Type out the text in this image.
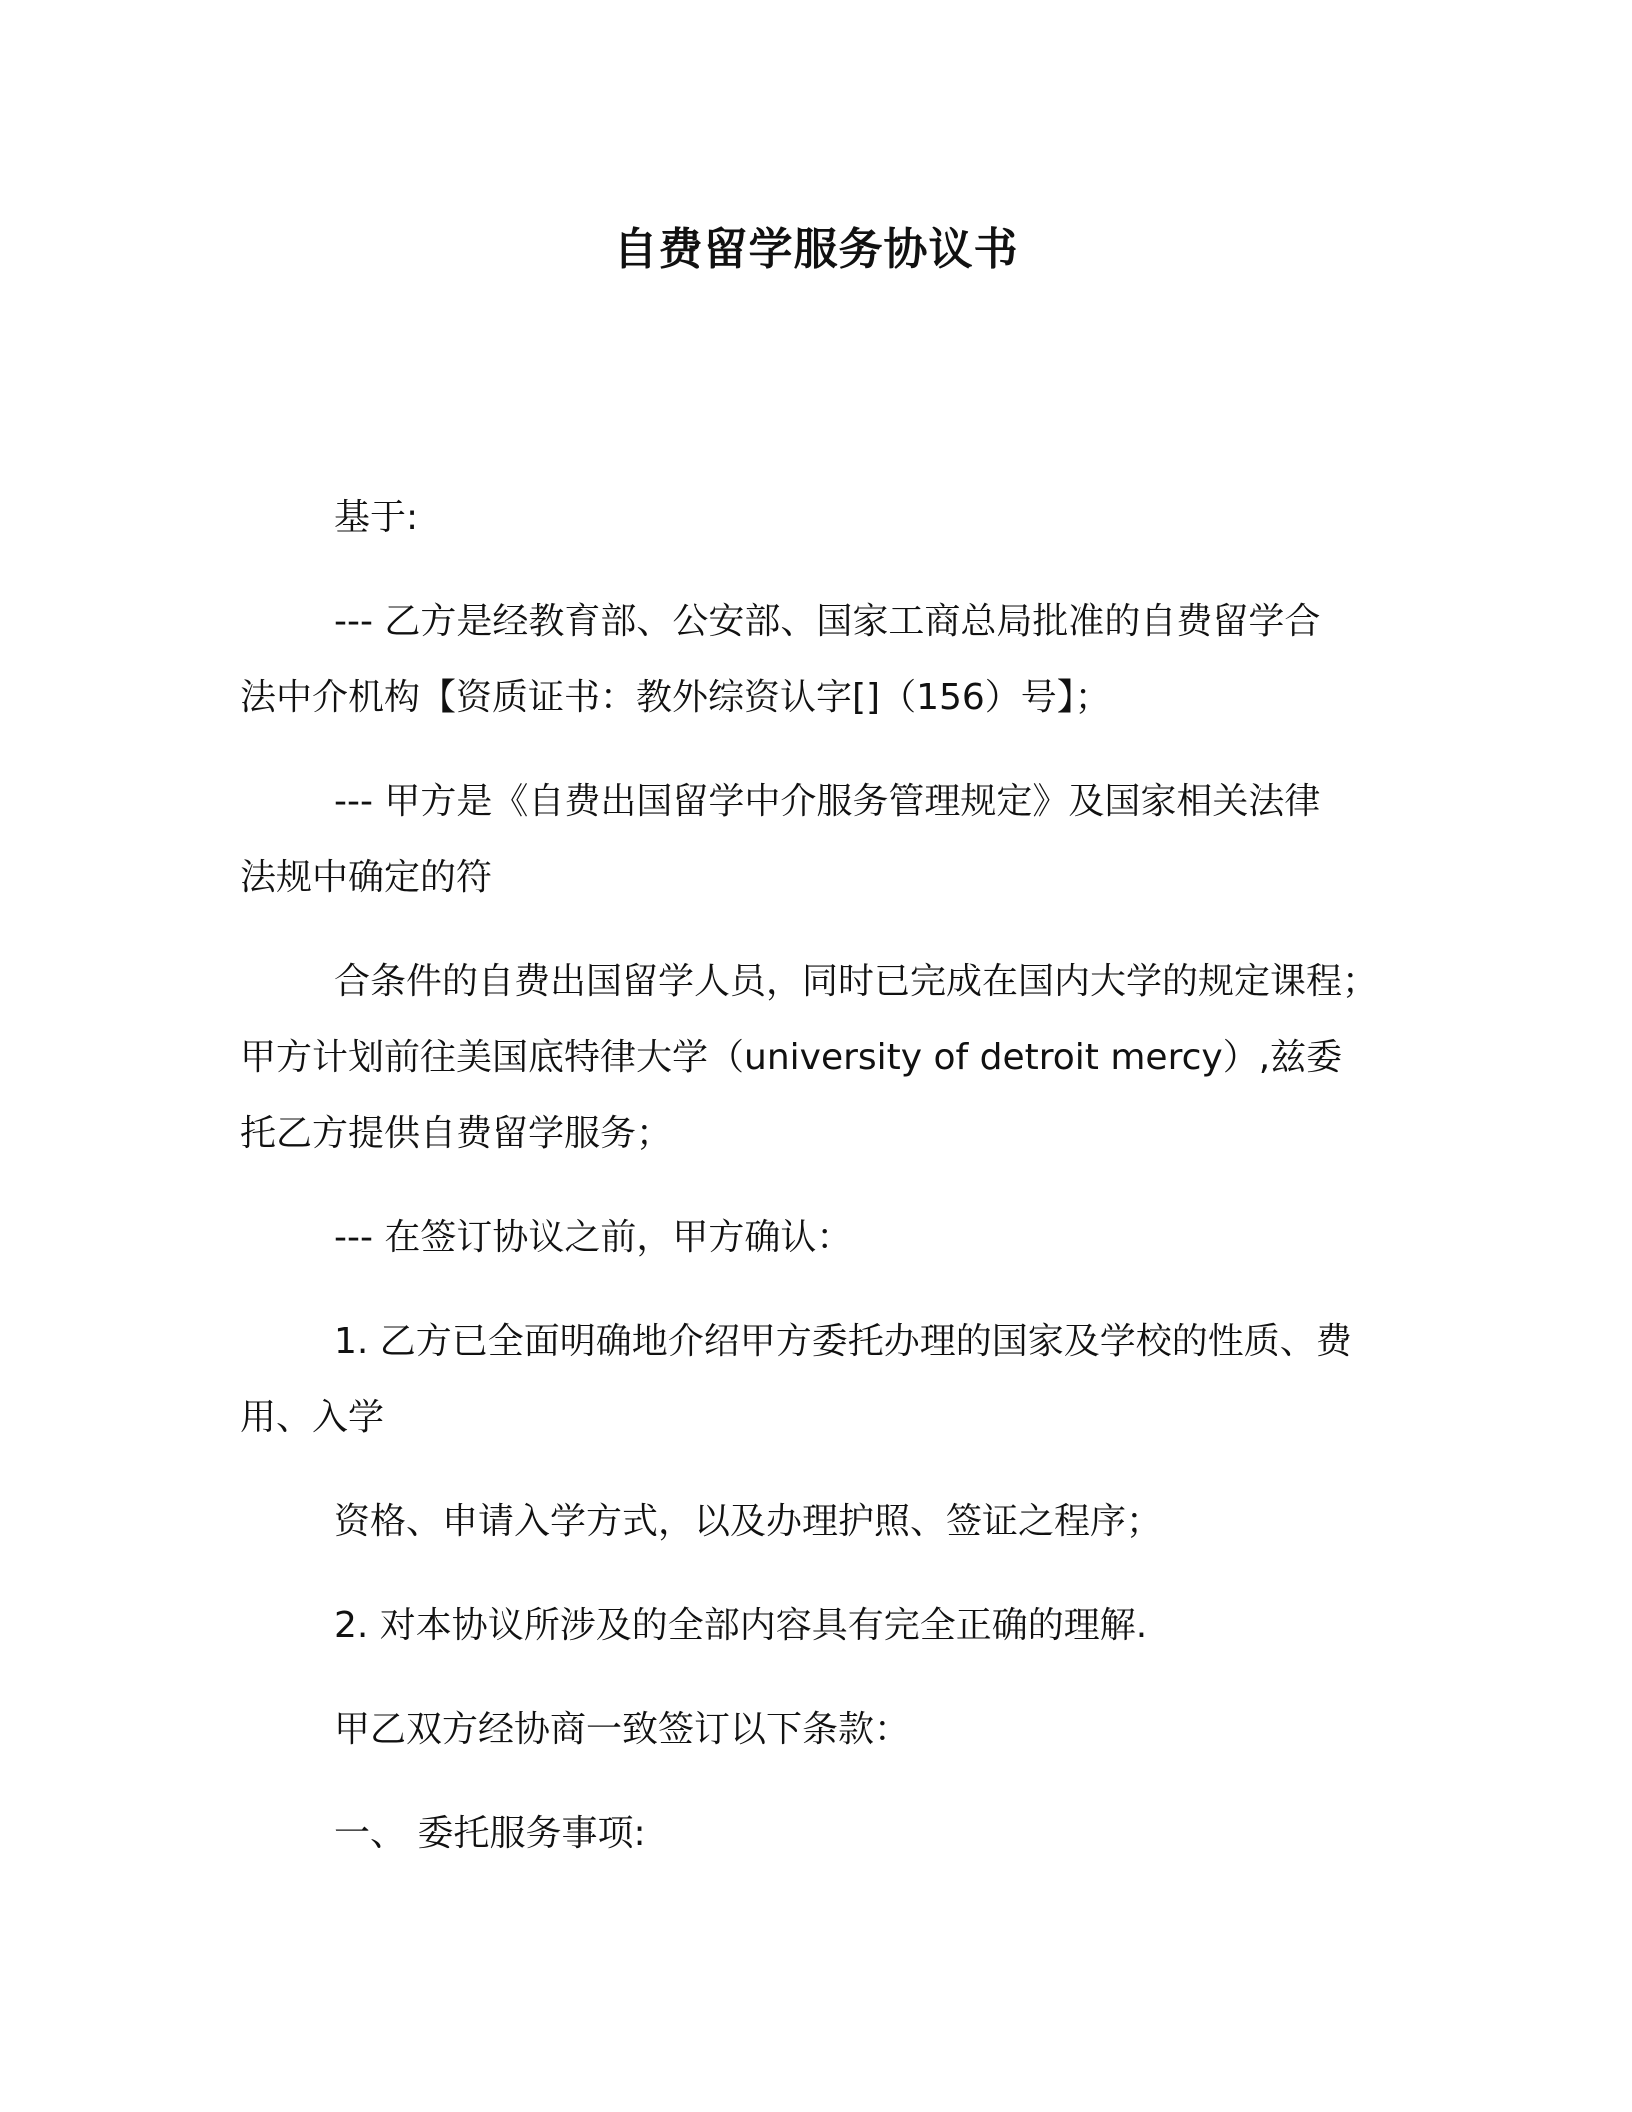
自费留学服务协议书
基于:
--- 乙方是经教育部、公安部、国家工商总局批准的自费留学合
法中介机构【资质证书：教外综资认字[]（156）号】；
--- 甲方是《自费出国留学中介服务管理规定》及国家相关法律
法规中确定的符
合条件的自费出国留学人员，同时已完成在国内大学的规定课程；
甲方计划前往美国底特律大学（university of detroit mercy）,兹委
托乙方提供自费留学服务；
--- 在签订协议之前，甲方确认：
1. 乙方已全面明确地介绍甲方委托办理的国家及学校的性质、费
用、入学
资格、申请入学方式，以及办理护照、签证之程序；
2. 对本协议所涉及的全部内容具有完全正确的理解.
甲乙双方经协商一致签订以下条款：
一、 委托服务事项:
